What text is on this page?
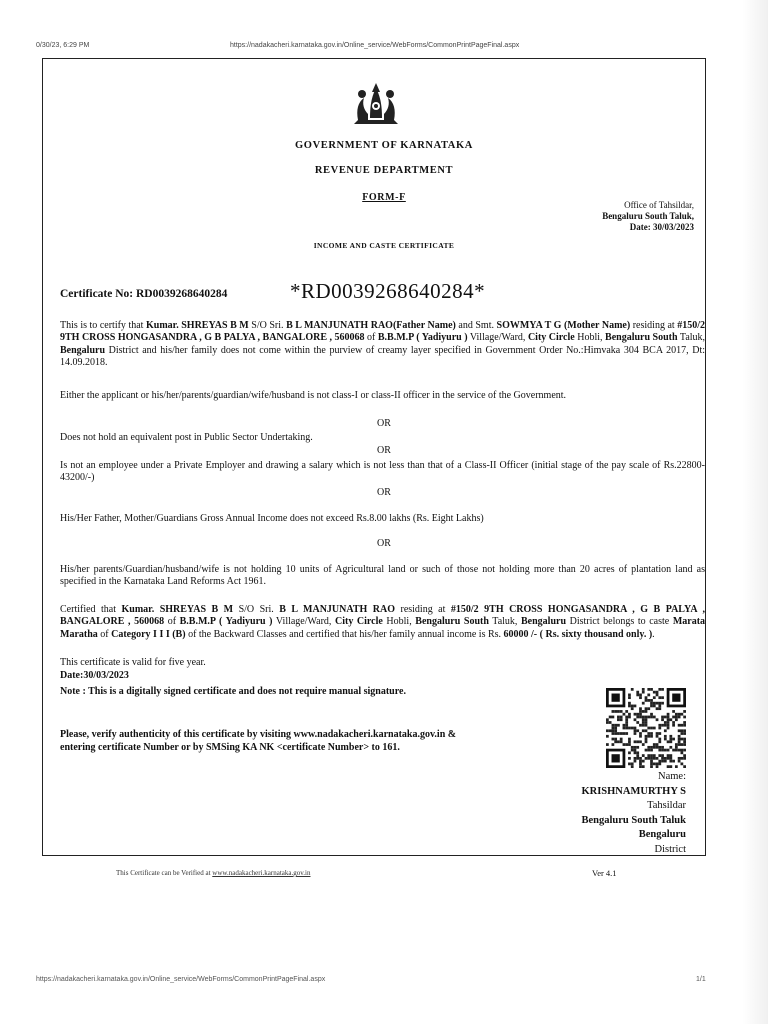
0/30/23, 6:29 PM	https://nadakacheri.karnataka.gov.in/Online_service/WebForms/CommonPrintPageFinal.aspx
GOVERNMENT OF KARNATAKA
REVENUE DEPARTMENT
FORM-F
Office of Tahsildar,
Bengaluru South Taluk,
Date: 30/03/2023
INCOME AND CASTE CERTIFICATE
Certificate No: RD0039268640284	*RD0039268640284*
This is to certify that Kumar. SHREYAS B M S/O Sri. B L MANJUNATH RAO(Father Name) and Smt. SOWMYA T G (Mother Name) residing at #150/2 9TH CROSS HONGASANDRA , G B PALYA , BANGALORE , 560068 of B.B.M.P ( Yadiyuru ) Village/Ward, City Circle Hobli, Bengaluru South Taluk, Bengaluru District and his/her family does not come within the purview of creamy layer specified in Government Order No.:Himvaka 304 BCA 2017, Dt: 14.09.2018.
Either the applicant or his/her/parents/guardian/wife/husband is not class-I or class-II officer in the service of the Government.
OR
Does not hold an equivalent post in Public Sector Undertaking.
OR
Is not an employee under a Private Employer and drawing a salary which is not less than that of a Class-II Officer (initial stage of the pay scale of Rs.22800-43200/-)
OR
His/Her Father, Mother/Guardians Gross Annual Income does not exceed Rs.8.00 lakhs (Rs. Eight Lakhs)
OR
His/her parents/Guardian/husband/wife is not holding 10 units of Agricultural land or such of those not holding more than 20 acres of plantation land as specified in the Karnataka Land Reforms Act 1961.
Certified that Kumar. SHREYAS B M S/O Sri. B L MANJUNATH RAO residing at #150/2 9TH CROSS HONGASANDRA , G B PALYA , BANGALORE , 560068 of B.B.M.P ( Yadiyuru ) Village/Ward, City Circle Hobli, Bengaluru South Taluk, Bengaluru District belongs to caste Marata Maratha of Category I I I (B) of the Backward Classes and certified that his/her family annual income is Rs. 60000 /- ( Rs. sixty thousand only. ).
This certificate is valid for five year.
Date:30/03/2023
Note : This is a digitally signed certificate and does not require manual signature.
Please, verify authenticity of this certificate by visiting www.nadakacheri.karnataka.gov.in & entering certificate Number or by SMSing KA NK <certificate Number> to 161.
Name:
KRISHNAMURTHY S
Tahsildar
Bengaluru South Taluk
Bengaluru
District
This Certificate can be Verified at www.nadakacheri.karnataka.gov.in	Ver 4.1
https://nadakacheri.karnataka.gov.in/Online_service/WebForms/CommonPrintPageFinal.aspx	1/1
